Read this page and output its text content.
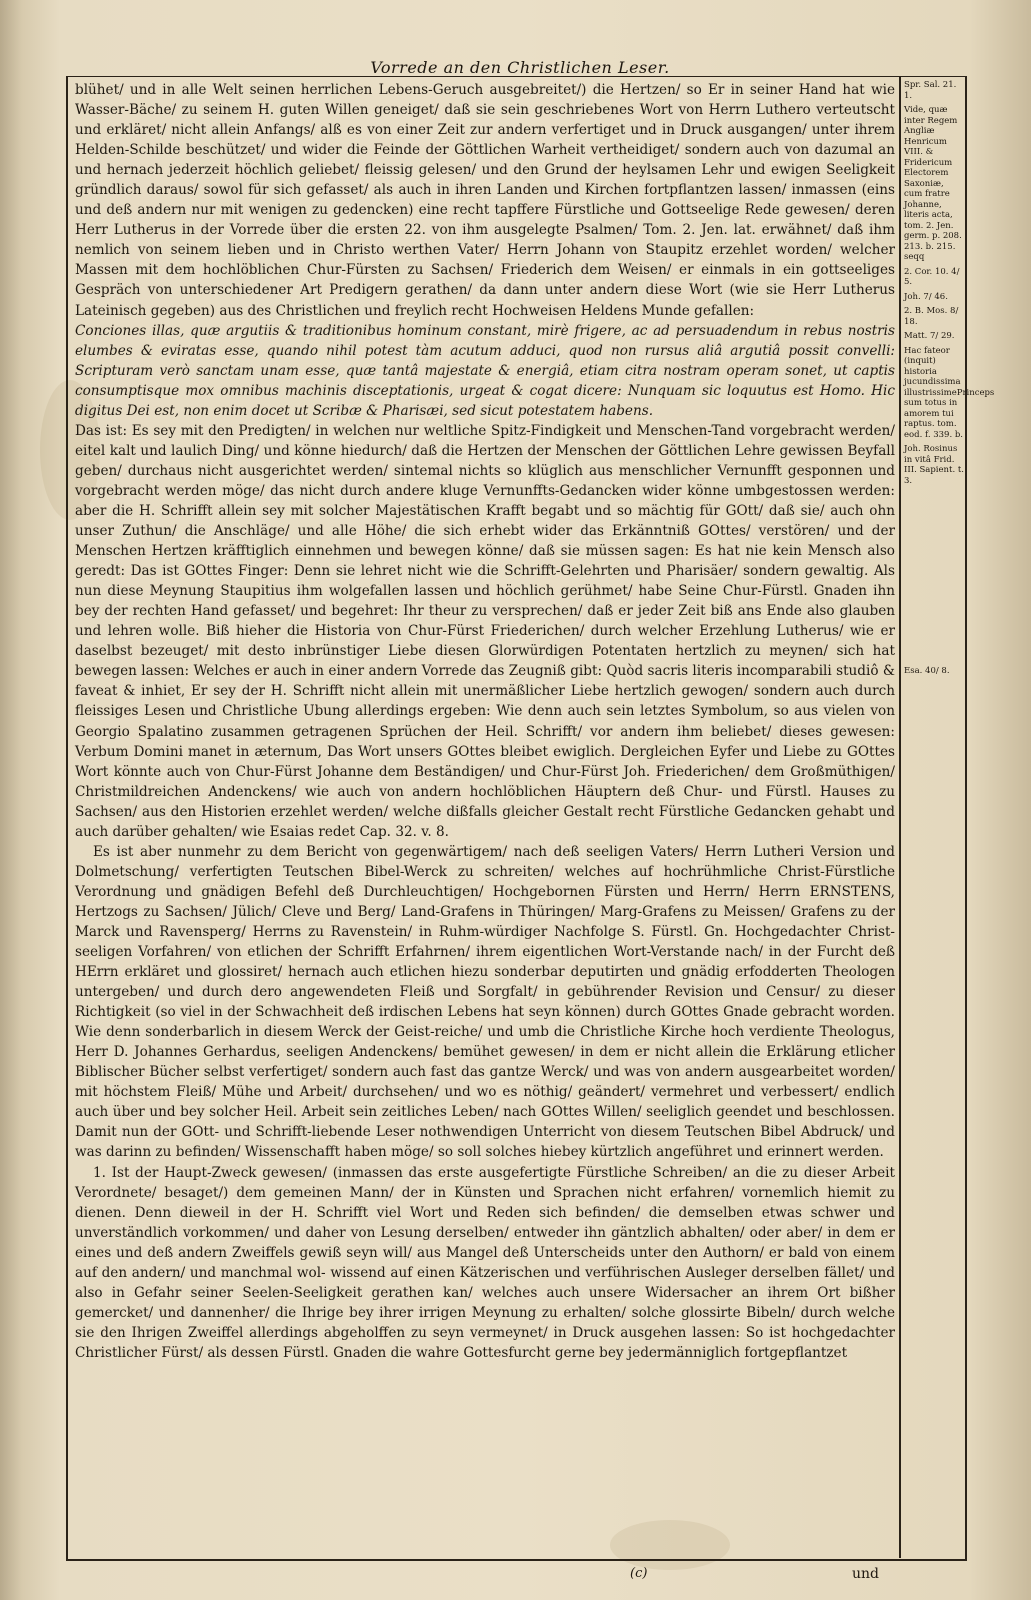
Vorrede an den Christlichen Leser.

blühet/ und in alle Welt seinen herrlichen Lebens-Geruch ausgebreitet/) die Hertzen/ so Er in seiner Hand hat wie Wasser-Bäche/ zu seinem H. guten Willen geneiget/ daß sie sein geschriebenes Wort von Herrn Luthero verteutscht und erkläret/ nicht allein Anfangs/ alß es von einer Zeit zur andern verfertiget und in Druck ausgangen/ unter ihrem Helden-Schilde beschützet/ und wider die Feinde der Göttlichen Warheit vertheidiget/ sondern auch von dazumal an und hernach jederzeit höchlich geliebet/ fleissig gelesen/ und den Grund der heylsamen Lehr und ewigen Seeligkeit gründlich daraus/ sowol für sich gefasset/ als auch in ihren Landen und Kirchen fortpflantzen lassen/ inmassen (eins und deß andern nur mit wenigen zu gedencken) eine recht tapffere Fürstliche und Gottseelige Rede gewesen/ deren Herr Lutherus in der Vorrede über die ersten 22. von ihm ausgelegte Psalmen/ Tom. 2. Jen. lat. erwähnet/ daß ihm nemlich von seinem lieben und in Christo werthen Vater/ Herrn Johann von Staupitz erzehlet worden/ welcher Massen mit dem hochlöblichen Chur-Fürsten zu Sachsen/ Friederich dem Weisen/ er einmals in ein gottseeliges Gespräch von unterschiedener Art Predigern gerathen/ da dann unter andern diese Wort (wie sie Herr Lutherus Lateinisch gegeben) aus des Christlichen und freylich recht Hochweisen Heldens Munde gefallen:

Conciones illas, quæ argutiis & traditionibus hominum constant, mirè frigere, ac ad persuadendum in rebus nostris elumbes & eviratas esse, quando nihil potest tàm acutum adduci, quod non rursus aliâ argutiâ possit convelli: Scripturam verò sanctam unam esse, quæ tantâ majestate & energiâ, etiam citra nostram operam sonet, ut captis consumptisque mox omnibus machinis disceptationis, urgeat & cogat dicere: Nunquam sic loquutus est Homo. Hic digitus Dei est, non enim docet ut Scribæ & Pharisæi, sed sicut potestatem habens.

Das ist: Es sey mit den Predigten/ in welchen nur weltliche Spitz-Findigkeit und Menschen-Tand vorgebracht werden/ eitel kalt und laulich Ding/ und könne hiedurch/ daß die Hertzen der Menschen der Göttlichen Lehre gewissen Beyfall geben/ durchaus nicht ausgerichtet werden/ sintemal nichts so klüglich aus menschlicher Vernunfft gesponnen und vorgebracht werden möge/ das nicht durch andere kluge Vernunffts-Gedancken wider könne umbgestossen werden: aber die H. Schrifft allein sey mit solcher Majestätischen Krafft begabt und so mächtig für GOtt/ daß sie/ auch ohn unser Zuthun/ die Anschläge/ und alle Höhe/ die sich erhebt wider das Erkänntniß GOttes/ verstören/ und der Menschen Hertzen kräfftiglich einnehmen und bewegen könne/ daß sie müssen sagen: Es hat nie kein Mensch also geredt: Das ist GOttes Finger: Denn sie lehret nicht wie die Schrifft-Gelehrten und Pharisäer/ sondern gewaltig. Als nun diese Meynung Staupitius ihm wolgefallen lassen und höchlich gerühmet/ habe Seine Chur-Fürstl. Gnaden ihn bey der rechten Hand gefasset/ und begehret: Ihr theur zu versprechen/ daß er jeder Zeit biß ans Ende also glauben und lehren wolle. Biß hieher die Historia von Chur-Fürst Friederichen/ durch welcher Erzehlung Lutherus/ wie er daselbst bezeuget/ mit desto inbrünstiger Liebe diesen Glorwürdigen Potentaten hertzlich zu meynen/ sich hat bewegen lassen: Welches er auch in einer andern Vorrede das Zeugniß gibt: Quòd sacris literis incomparabili studiô & faveat & inhiet, Er sey der H. Schrifft nicht allein mit unermäßlicher Liebe hertzlich gewogen/ sondern auch durch fleissiges Lesen und Christliche Ubung allerdings ergeben: Wie denn auch sein letztes Symbolum, so aus vielen von Georgio Spalatino zusammen getragenen Sprüchen der Heil. Schrifft/ vor andern ihm beliebet/ dieses gewesen: Verbum Domini manet in æternum, Das Wort unsers GOttes bleibet ewiglich. Dergleichen Eyfer und Liebe zu GOttes Wort könnte auch von Chur-Fürst Johanne dem Beständigen/ und Chur-Fürst Joh. Friederichen/ dem Großmüthigen/ Christmildreichen Andenckens/ wie auch von andern hochlöblichen Häuptern deß Chur- und Fürstl. Hauses zu Sachsen/ aus den Historien erzehlet werden/ welche dißfalls gleicher Gestalt recht Fürstliche Gedancken gehabt und auch darüber gehalten/ wie Esaias redet Cap. 32. v. 8.

Es ist aber nunmehr zu dem Bericht von gegenwärtigem/ nach deß seeligen Vaters/ Herrn Lutheri Version und Dolmetschung/ verfertigten Teutschen Bibel-Werck zu schreiten/ welches auf hochrühmliche Christ-Fürstliche Verordnung und gnädigen Befehl deß Durchleuchtigen/ Hochgebornen Fürsten und Herrn/ Herrn ERNSTENS, Hertzogs zu Sachsen/ Jülich/ Cleve und Berg/ Land-Grafens in Thüringen/ Marg-Grafens zu Meissen/ Grafens zu der Marck und Ravensperg/ Herrns zu Ravenstein/ in Ruhm-würdiger Nachfolge S. Fürstl. Gn. Hochgedachter Christ-seeligen Vorfahren/ von etlichen der Schrifft Erfahrnen/ ihrem eigentlichen Wort-Verstande nach/ in der Furcht deß HErrn erkläret und glossiret/ hernach auch etlichen hiezu sonderbar deputirten und gnädig erfodderten Theologen untergeben/ und durch dero angewendeten Fleiß und Sorgfalt/ in gebührender Revision und Censur/ zu dieser Richtigkeit (so viel in der Schwachheit deß irdischen Lebens hat seyn können) durch GOttes Gnade gebracht worden. Wie denn sonderbarlich in diesem Werck der Geist-reiche/ und umb die Christliche Kirche hoch verdiente Theologus, Herr D. Johannes Gerhardus, seeligen Andenckens/ bemühet gewesen/ in dem er nicht allein die Erklärung etlicher Biblischer Bücher selbst verfertiget/ sondern auch fast das gantze Werck/ und was von andern ausgearbeitet worden/ mit höchstem Fleiß/ Mühe und Arbeit/ durchsehen/ und wo es nöthig/ geändert/ vermehret und verbessert/ endlich auch über und bey solcher Heil. Arbeit sein zeitliches Leben/ nach GOttes Willen/ seeliglich geendet und beschlossen. Damit nun der GOtt- und Schrifft-liebende Leser nothwendigen Unterricht von diesem Teutschen Bibel Abdruck/ und was darinn zu befinden/ Wissenschafft haben möge/ so soll solches hiebey kürtzlich angeführet und erinnert werden.

1. Ist der Haupt-Zweck gewesen/ (inmassen das erste ausgefertigte Fürstliche Schreiben/ an die zu dieser Arbeit Verordnete/ besaget/) dem gemeinen Mann/ der in Künsten und Sprachen nicht erfahren/ vornemlich hiemit zu dienen. Denn dieweil in der H. Schrifft viel Wort und Reden sich befinden/ die demselben etwas schwer und unverständlich vorkommen/ und daher von Lesung derselben/ entweder ihn gäntzlich abhalten/ oder aber/ in dem er eines und deß andern Zweiffels gewiß seyn will/ aus Mangel deß Unterscheids unter den Authorn/ er bald von einem auf den andern/ und manchmal wol- wissend auf einen Kätzerischen und verführischen Ausleger derselben fället/ und also in Gefahr seiner Seelen-Seeligkeit gerathen kan/ welches auch unsere Widersacher an ihrem Ort bißher gemercket/ und dannenher/ die Ihrige bey ihrer irrigen Meynung zu erhalten/ solche glossirte Bibeln/ durch welche sie den Ihrigen Zweiffel allerdings abgeholffen zu seyn vermeynet/ in Druck ausgehen lassen: So ist hochgedachter Christlicher Fürst/ als dessen Fürstl. Gnaden die wahre Gottesfurcht gerne bey jedermänniglich fortgepflantzet

Spr. Sal. 21. 1.
Vide, quæ inter Regem Angliæ Henricum VIII. & Fridericum Electorem Saxoniæ, cum fratre Johanne, literis acta, tom. 2. Jen. germ. p. 208. 213. b. 215. seqq
2. Cor. 10. 4/ 5.
Joh. 7/ 46.
2. B. Mos. 8/ 18.
Matt. 7/ 29.
Hac fateor (inquit) historia jucundissima illustrissimePrinceps sum totus in amorem tui raptus. tom. eod. f. 339. b.
Joh. Rosinus in vitâ Frid. III. Sapient. t. 3.
Esa. 40/ 8.
(c)	und
